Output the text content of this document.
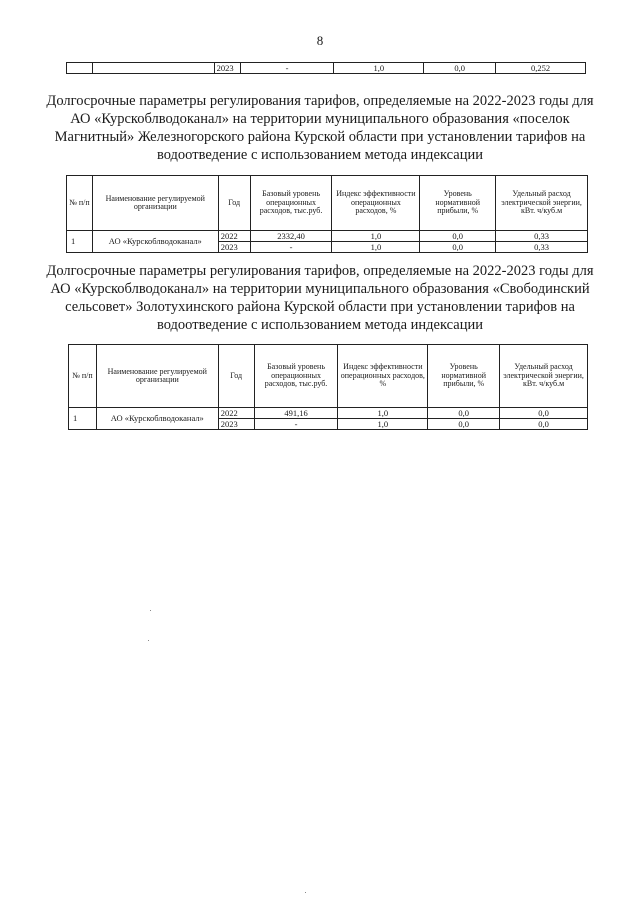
8
		2023	-	1,0	0,0	0,252
Долгосрочные параметры регулирования тарифов, определяемые на 2022-2023 годы для АО «Курскоблводоканал» на территории муниципального образования «поселок Магнитный» Железногорского района Курской области при установлении тарифов на водоотведение с использованием метода индексации
№ п/п	Наименование регулируемой организации	Год	Базовый уровень операционных расходов, тыс.руб.	Индекс эффективности операционных расходов, %	Уровень нормативной прибыли, %	Удельный расход электрической энергии, кВт. ч/куб.м
1	АО «Курскоблводоканал»	2022	2332,40	1,0	0,0	0,33
		2023	-	1,0	0,0	0,33
Долгосрочные параметры регулирования тарифов, определяемые на 2022-2023 годы для АО «Курскоблводоканал» на территории муниципального образования «Свободинский сельсовет» Золотухинского района Курской области при установлении тарифов на водоотведение с использованием метода индексации
№ п/п	Наименование регулируемой организации	Год	Базовый уровень операционных расходов, тыс.руб.	Индекс эффективности операционных расходов, %	Уровень нормативной прибыли, %	Удельный расход электрической энергии, кВт. ч/куб.м
1	АО «Курскоблводоканал»	2022	491,16	1,0	0,0	0,0
		2023	-	1,0	0,0	0,0
